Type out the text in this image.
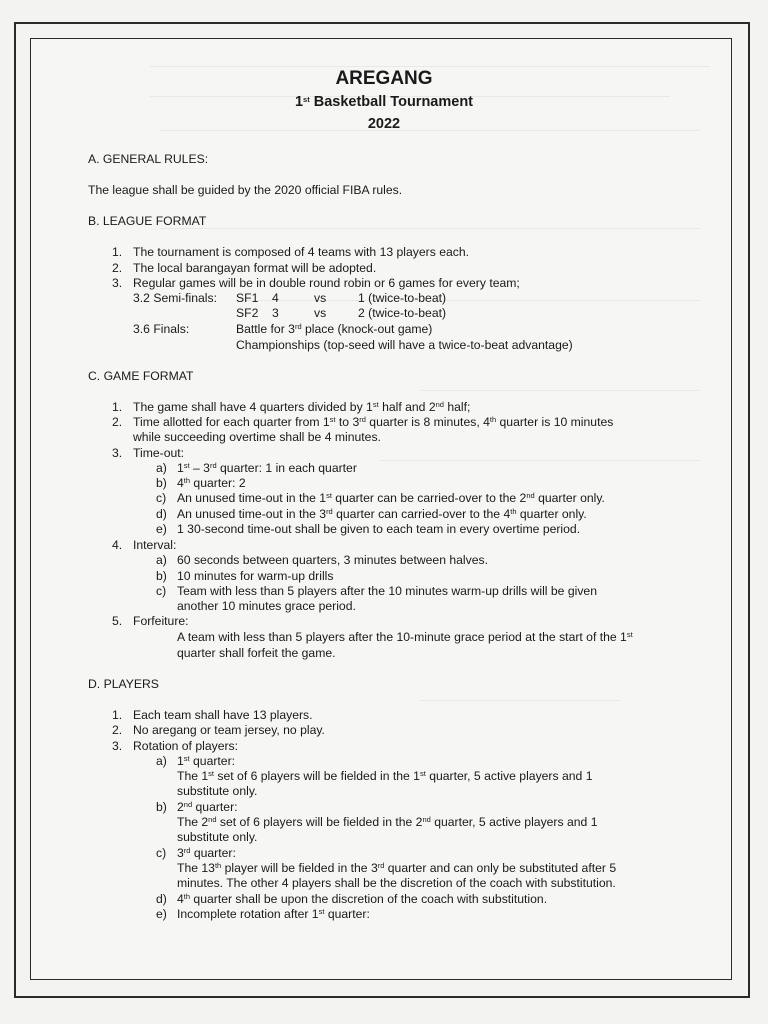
AREGANG
1st Basketball Tournament
2022
A. GENERAL RULES:
The league shall be guided by the 2020 official FIBA rules.
B. LEAGUE FORMAT
1. The tournament is composed of 4 teams with 13 players each.
2. The local barangayan format will be adopted.
3. Regular games will be in double round robin or 6 games for every team;
3.2 Semi-finals: SF1 4	vs	1 (twice-to-beat)
SF2 3	vs	2 (twice-to-beat)
3.6 Finals:	Battle for 3rd place (knock-out game)
Championships (top-seed will have a twice-to-beat advantage)
C. GAME FORMAT
1. The game shall have 4 quarters divided by 1st half and 2nd half;
2. Time allotted for each quarter from 1st to 3rd quarter is 8 minutes, 4th quarter is 10 minutes
while succeeding overtime shall be 4 minutes.
3. Time-out:
a) 1st – 3rd quarter: 1 in each quarter
b) 4th quarter: 2
c) An unused time-out in the 1st quarter can be carried-over to the 2nd quarter only.
d) An unused time-out in the 3rd quarter can carried-over to the 4th quarter only.
e) 1 30-second time-out shall be given to each team in every overtime period.
4. Interval:
a) 60 seconds between quarters, 3 minutes between halves.
b) 10 minutes for warm-up drills
c) Team with less than 5 players after the 10 minutes warm-up drills will be given
another 10 minutes grace period.
5. Forfeiture:
A team with less than 5 players after the 10-minute grace period at the start of the 1st
quarter shall forfeit the game.
D. PLAYERS
1. Each team shall have 13 players.
2. No aregang or team jersey, no play.
3. Rotation of players:
a) 1st quarter:
The 1st set of 6 players will be fielded in the 1st quarter, 5 active players and 1
substitute only.
b) 2nd quarter:
The 2nd set of 6 players will be fielded in the 2nd quarter, 5 active players and 1
substitute only.
c) 3rd quarter:
The 13th player will be fielded in the 3rd quarter and can only be substituted after 5
minutes. The other 4 players shall be the discretion of the coach with substitution.
d) 4th quarter shall be upon the discretion of the coach with substitution.
e) Incomplete rotation after 1st quarter:
